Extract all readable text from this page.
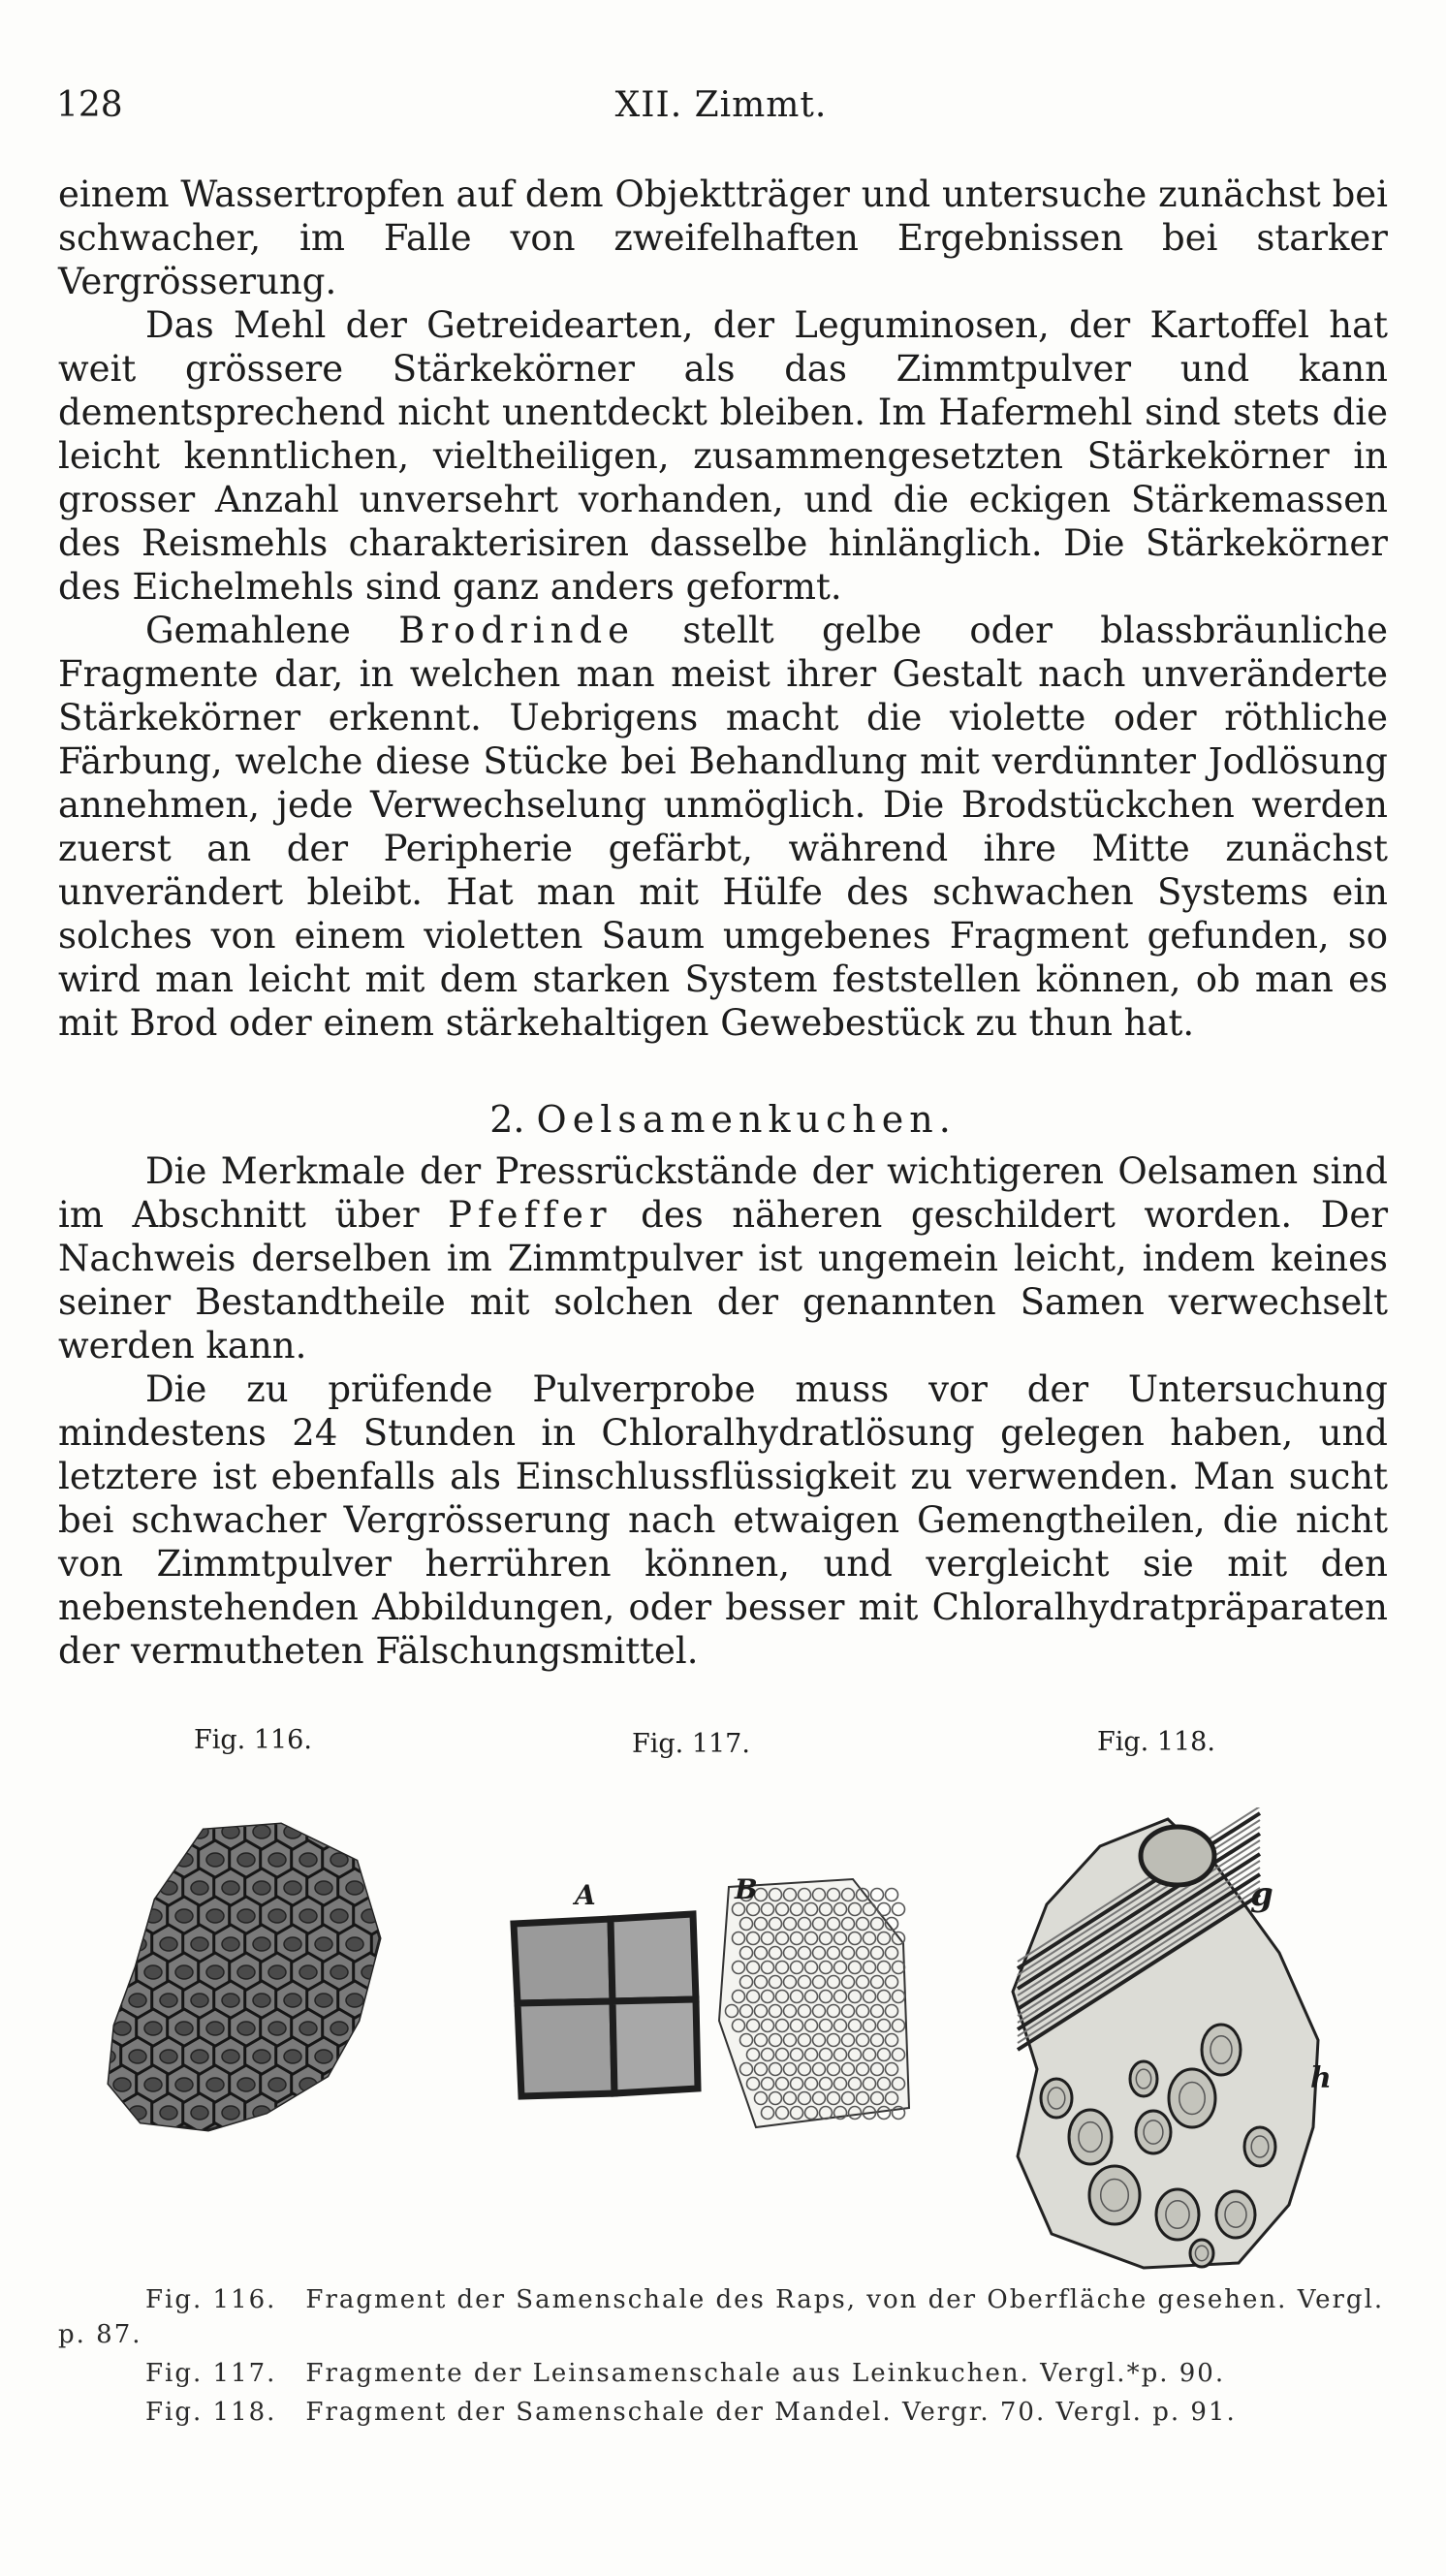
128	XII. Zimmt.

einem Wassertropfen auf dem Objektträger und untersuche zunächst bei schwacher, im Falle von zweifelhaften Ergebnissen bei starker Vergrösserung.

Das Mehl der Getreidearten, der Leguminosen, der Kartoffel hat weit grössere Stärkekörner als das Zimmtpulver und kann dementsprechend nicht unentdeckt bleiben. Im Hafermehl sind stets die leicht kenntlichen, vieltheiligen, zusammengesetzten Stärkekörner in grosser Anzahl unversehrt vorhanden, und die eckigen Stärkemassen des Reismehls charakterisiren dasselbe hinlänglich. Die Stärkekörner des Eichelmehls sind ganz anders geformt.

Gemahlene Brodrinde stellt gelbe oder blassbräunliche Fragmente dar, in welchen man meist ihrer Gestalt nach unveränderte Stärkekörner erkennt. Uebrigens macht die violette oder röthliche Färbung, welche diese Stücke bei Behandlung mit verdünnter Jodlösung annehmen, jede Verwechselung unmöglich. Die Brodstückchen werden zuerst an der Peripherie gefärbt, während ihre Mitte zunächst unverändert bleibt. Hat man mit Hülfe des schwachen Systems ein solches von einem violetten Saum umgebenes Fragment gefunden, so wird man leicht mit dem starken System feststellen können, ob man es mit Brod oder einem stärkehaltigen Gewebestück zu thun hat.

2. Oelsamenkuchen.

Die Merkmale der Pressrückstände der wichtigeren Oelsamen sind im Abschnitt über Pfeffer des näheren geschildert worden. Der Nachweis derselben im Zimmtpulver ist ungemein leicht, indem keines seiner Bestandtheile mit solchen der genannten Samen verwechselt werden kann.

Die zu prüfende Pulverprobe muss vor der Untersuchung mindestens 24 Stunden in Chloralhydratlösung gelegen haben, und letztere ist ebenfalls als Einschlussflüssigkeit zu verwenden. Man sucht bei schwacher Vergrösserung nach etwaigen Gemengtheilen, die nicht von Zimmtpulver herrühren können, und vergleicht sie mit den nebenstehenden Abbildungen, oder besser mit Chloralhydratpräparaten der vermutheten Fälschungsmittel.

Fig. 116.	Fig. 117.	Fig. 118.
A	B	g
h

Fig. 116. Fragment der Samenschale des Raps, von der Oberfläche gesehen. Vergl. p. 87.

Fig. 117. Fragmente der Leinsamenschale aus Leinkuchen. Vergl.*p. 90.

Fig. 118. Fragment der Samenschale der Mandel. Vergr. 70. Vergl. p. 91.
